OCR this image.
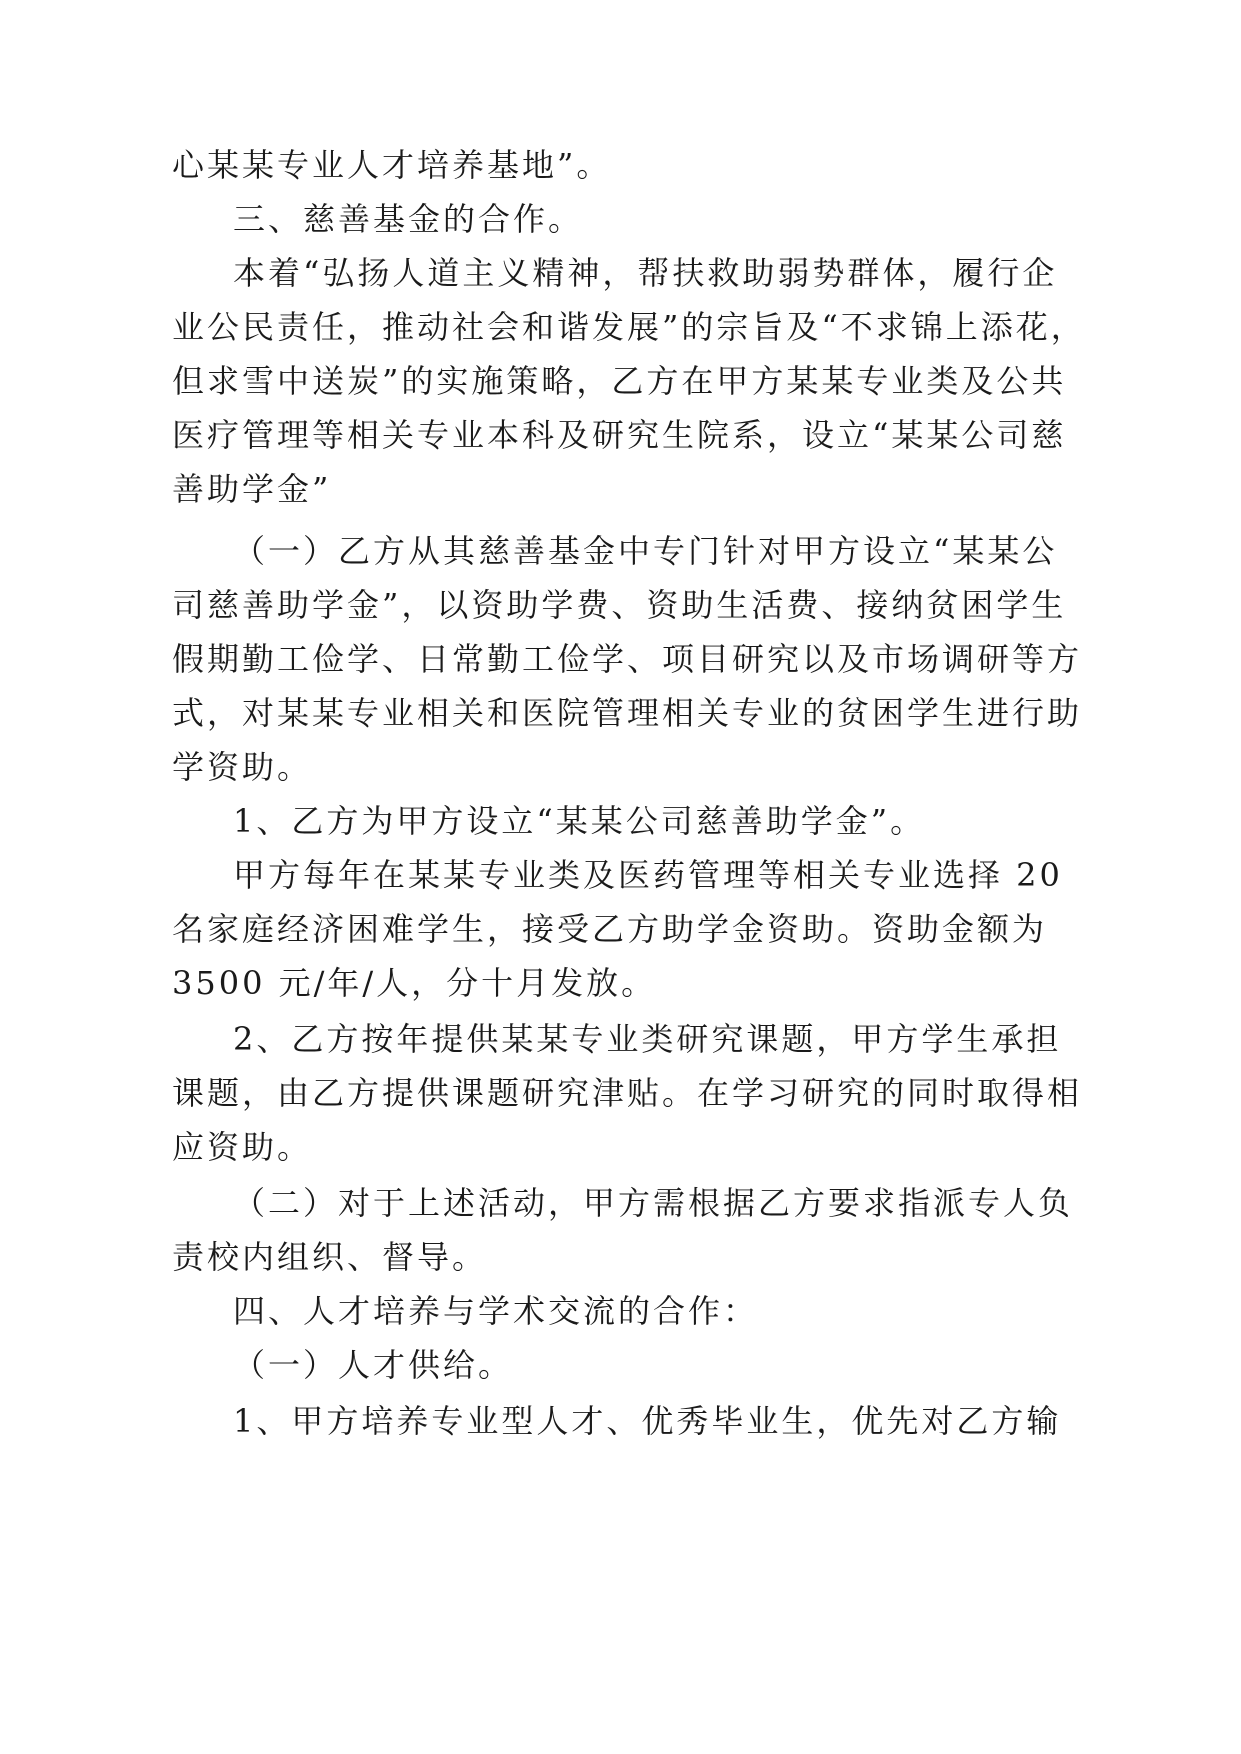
心某某专业人才培养基地”。

三、慈善基金的合作。

本着“弘扬人道主义精神，帮扶救助弱势群体，履行企

业公民责任，推动社会和谐发展”的宗旨及“不求锦上添花，

但求雪中送炭”的实施策略，乙方在甲方某某专业类及公共

医疗管理等相关专业本科及研究生院系，设立“某某公司慈

善助学金”

（一）乙方从其慈善基金中专门针对甲方设立“某某公

司慈善助学金”，以资助学费、资助生活费、接纳贫困学生

假期勤工俭学、日常勤工俭学、项目研究以及市场调研等方

式，对某某专业相关和医院管理相关专业的贫困学生进行助

学资助。

1、乙方为甲方设立“某某公司慈善助学金”。

甲方每年在某某专业类及医药管理等相关专业选择 20

名家庭经济困难学生，接受乙方助学金资助。资助金额为

3500 元/年/人，分十月发放。

2、乙方按年提供某某专业类研究课题，甲方学生承担

课题，由乙方提供课题研究津贴。在学习研究的同时取得相

应资助。

（二）对于上述活动，甲方需根据乙方要求指派专人负

责校内组织、督导。

四、人才培养与学术交流的合作：

（一）人才供给。

1、甲方培养专业型人才、优秀毕业生，优先对乙方输
